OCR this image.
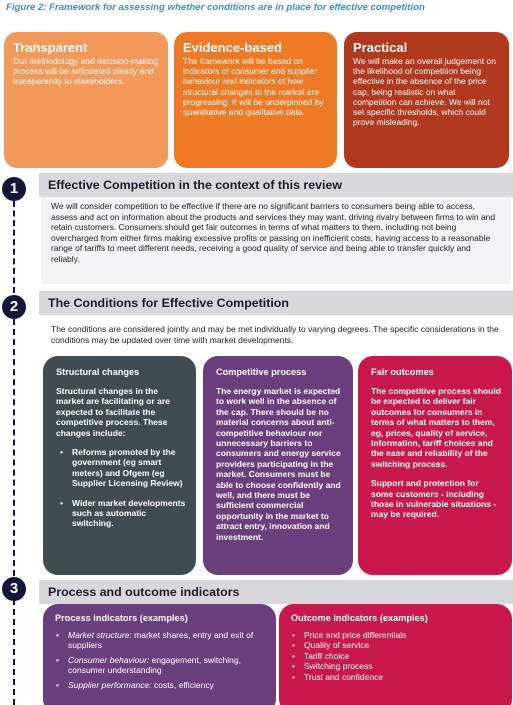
Figure 2: Framework for assessing whether conditions are in place for effective competition
Transparent
Our methodology and decision-making process will be articulated clearly and transparently to stakeholders.
Evidence-based
The framework will be based on indicators of consumer and supplier behaviour and indicators of how structural changes to the market are progressing. It will be underpinned by quantitative and qualitative data.
Practical
We will make an overall judgement on the likelihood of competition being effective in the absence of the price cap, being realistic on what competition can achieve. We will not set specific thresholds, which could prove misleading.
1	Effective Competition in the context of this review
We will consider competition to be effective if there are no significant barriers to consumers being able to access, assess and act on information about the products and services they may want, driving rivalry between firms to win and retain customers. Consumers should get fair outcomes in terms of what matters to them, including not being overcharged from either firms making excessive profits or passing on inefficient costs, having access to a reasonable range of tariffs to meet different needs, receiving a good quality of service and being able to transfer quickly and reliably.
2	The Conditions for Effective Competition
The conditions are considered jointly and may be met individually to varying degrees. The specific considerations in the conditions may be updated over time with market developments.
Structural changes
Structural changes in the market are facilitating or are expected to facilitate the competitive process. These changes include:
• Reforms promoted by the government (eg smart meters) and Ofgem (eg Supplier Licensing Review)
• Wider market developments such as automatic switching.
Competitive process
The energy market is expected to work well in the absence of the cap. There should be no material concerns about anti-competitive behaviour nor unnecessary barriers to consumers and energy service providers participating in the market. Consumers must be able to choose confidently and well, and there must be sufficient commercial opportunity in the market to attract entry, innovation and investment.
Fair outcomes
The competitive process should be expected to deliver fair outcomes for consumers in terms of what matters to them, eg, prices, quality of service, information, tariff choices and the ease and reliability of the switching process.
Support and protection for some customers - including those in vulnerable situations - may be required.
3	Process and outcome indicators
Process indicators (examples)
• Market structure: market shares, entry and exit of suppliers
• Consumer behaviour: engagement, switching, consumer understanding
• Supplier performance: costs, efficiency
Outcome indicators (examples)
• Price and price differentials
• Quality of service
• Tariff choice
• Switching process
• Trust and confidence
